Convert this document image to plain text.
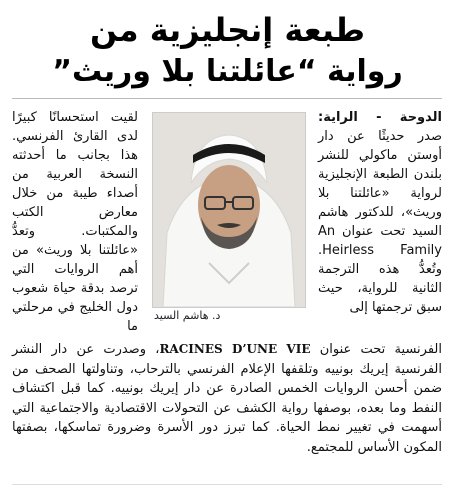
طبعة إنجليزية من
رواية “عائلتنا بلا وريث”

الدوحة - الراية: صدر حديثًا عن دار أوستن ماكولي للنشر بلندن الطبعة الإنجليزية لرواية «عائلتنا بلا وريث»، للدكتور هاشم السيد تحت عنوان An Heirless Family. وتُعدُّ هذه الترجمة الثانية للرواية، حيث سبق ترجمتها إلى

د. هاشم السيد

لقيت استحسانًا كبيرًا لدى القارئ الفرنسي. هذا بجانب ما أحدثته النسخة العربية من أصداء طيبة من خلال معارض الكتب والمكتبات. وتعدُّ «عائلتنا بلا وريث» من أهم الروايات التي ترصد بدقة حياة شعوب دول الخليج في مرحلتي ما

الفرنسية تحت عنوان RACINES D’UNE VIE، وصدرت عن دار النشر الفرنسية إيريك بونييه وتلقفها الإعلام الفرنسي بالترحاب، وتناولتها الصحف من ضمن أحسن الروايات الخمس الصادرة عن دار إيريك بونييه. كما قبل اكتشاف النفط وما بعده، بوصفها رواية الكشف عن التحولات الاقتصادية والاجتماعية التي أسهمت في تغيير نمط الحياة. كما تبرز دور الأسرة وضرورة تماسكها، بصفتها المكون الأساس للمجتمع.
